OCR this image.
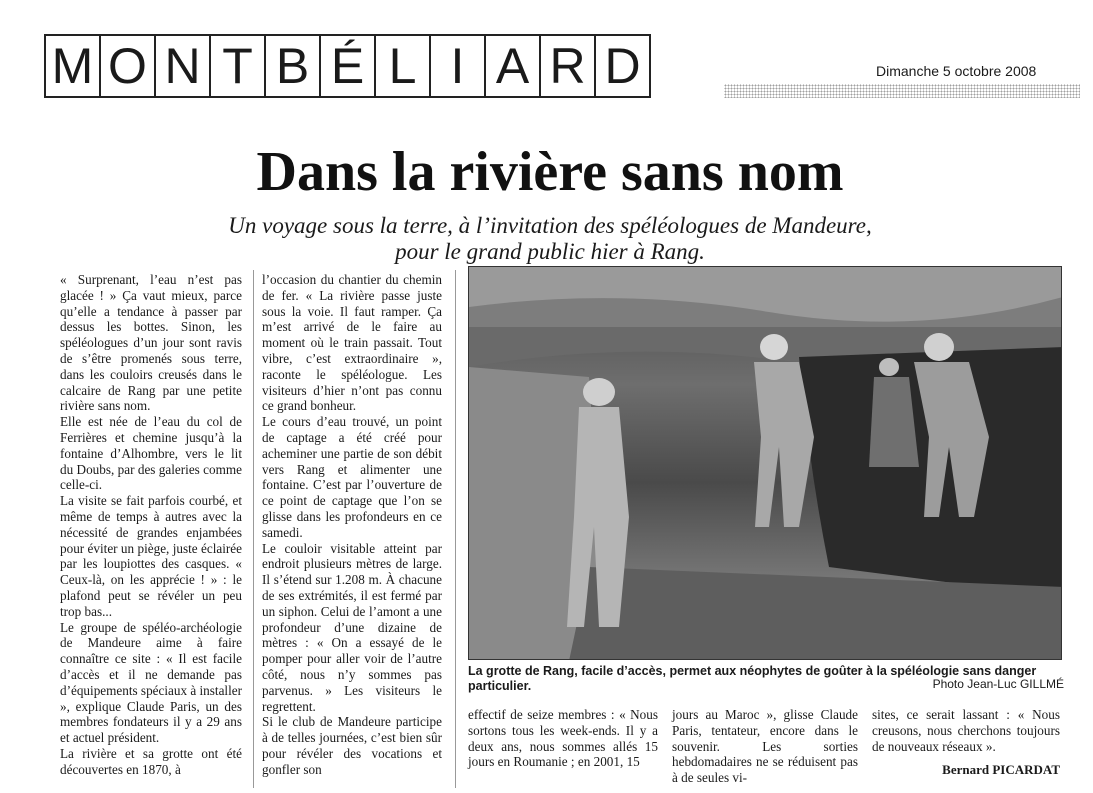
M O N T B É L I A R D	Dimanche 5 octobre 2008
Dans la rivière sans nom
Un voyage sous la terre, à l’invitation des spéléologues de Mandeure,
pour le grand public hier à Rang.

« Surprenant, l’eau n’est pas glacée ! » Ça vaut mieux, parce qu’elle a tendance à passer par dessus les bottes. Sinon, les spéléologues d’un jour sont ravis de s’être promenés sous terre, dans les couloirs creusés dans le calcaire de Rang par une petite rivière sans nom.

Elle est née de l’eau du col de Ferrières et chemine jusqu’à la fontaine d’Alhombre, vers le lit du Doubs, par des galeries comme celle-ci.

La visite se fait parfois courbé, et même de temps à autres avec la nécessité de grandes enjambées pour éviter un piège, juste éclairée par les loupiottes des casques. « Ceux-là, on les apprécie ! » : le plafond peut se révéler un peu trop bas...

Le groupe de spéléo-archéologie de Mandeure aime à faire connaître ce site : « Il est facile d’accès et il ne demande pas d’équipements spéciaux à installer », explique Claude Paris, un des membres fondateurs il y a 29 ans et actuel président.

La rivière et sa grotte ont été découvertes en 1870, à

l’occasion du chantier du chemin de fer. « La rivière passe juste sous la voie. Il faut ramper. Ça m’est arrivé de le faire au moment où le train passait. Tout vibre, c’est extraordinaire », raconte le spéléologue. Les visiteurs d’hier n’ont pas connu ce grand bonheur.

Le cours d’eau trouvé, un point de captage a été créé pour acheminer une partie de son débit vers Rang et alimenter une fontaine. C’est par l’ouverture de ce point de captage que l’on se glisse dans les profondeurs en ce samedi.

Le couloir visitable atteint par endroit plusieurs mètres de large. Il s’étend sur 1.208 m. À chacune de ses extrémités, il est fermé par un siphon. Celui de l’amont a une profondeur d’une dizaine de mètres : « On a essayé de le pomper pour aller voir de l’autre côté, nous n’y sommes pas parvenus. » Les visiteurs le regrettent.

Si le club de Mandeure participe à de telles journées, c’est bien sûr pour révéler des vocations et gonfler son

La grotte de Rang, facile d’accès, permet aux néophytes de goûter à la spéléologie sans danger particulier.	Photo Jean-Luc GILLMÉ
effectif de seize membres : « Nous sortons tous les week-ends. Il y a deux ans, nous sommes allés 15 jours en Roumanie ; en 2001, 15
jours au Maroc », glisse Claude Paris, tentateur, encore dans le souvenir. Les sorties hebdomadaires ne se réduisent pas à de seules vi-
sites, ce serait lassant : « Nous creusons, nous cherchons toujours de nouveaux réseaux ».
Bernard PICARDAT
